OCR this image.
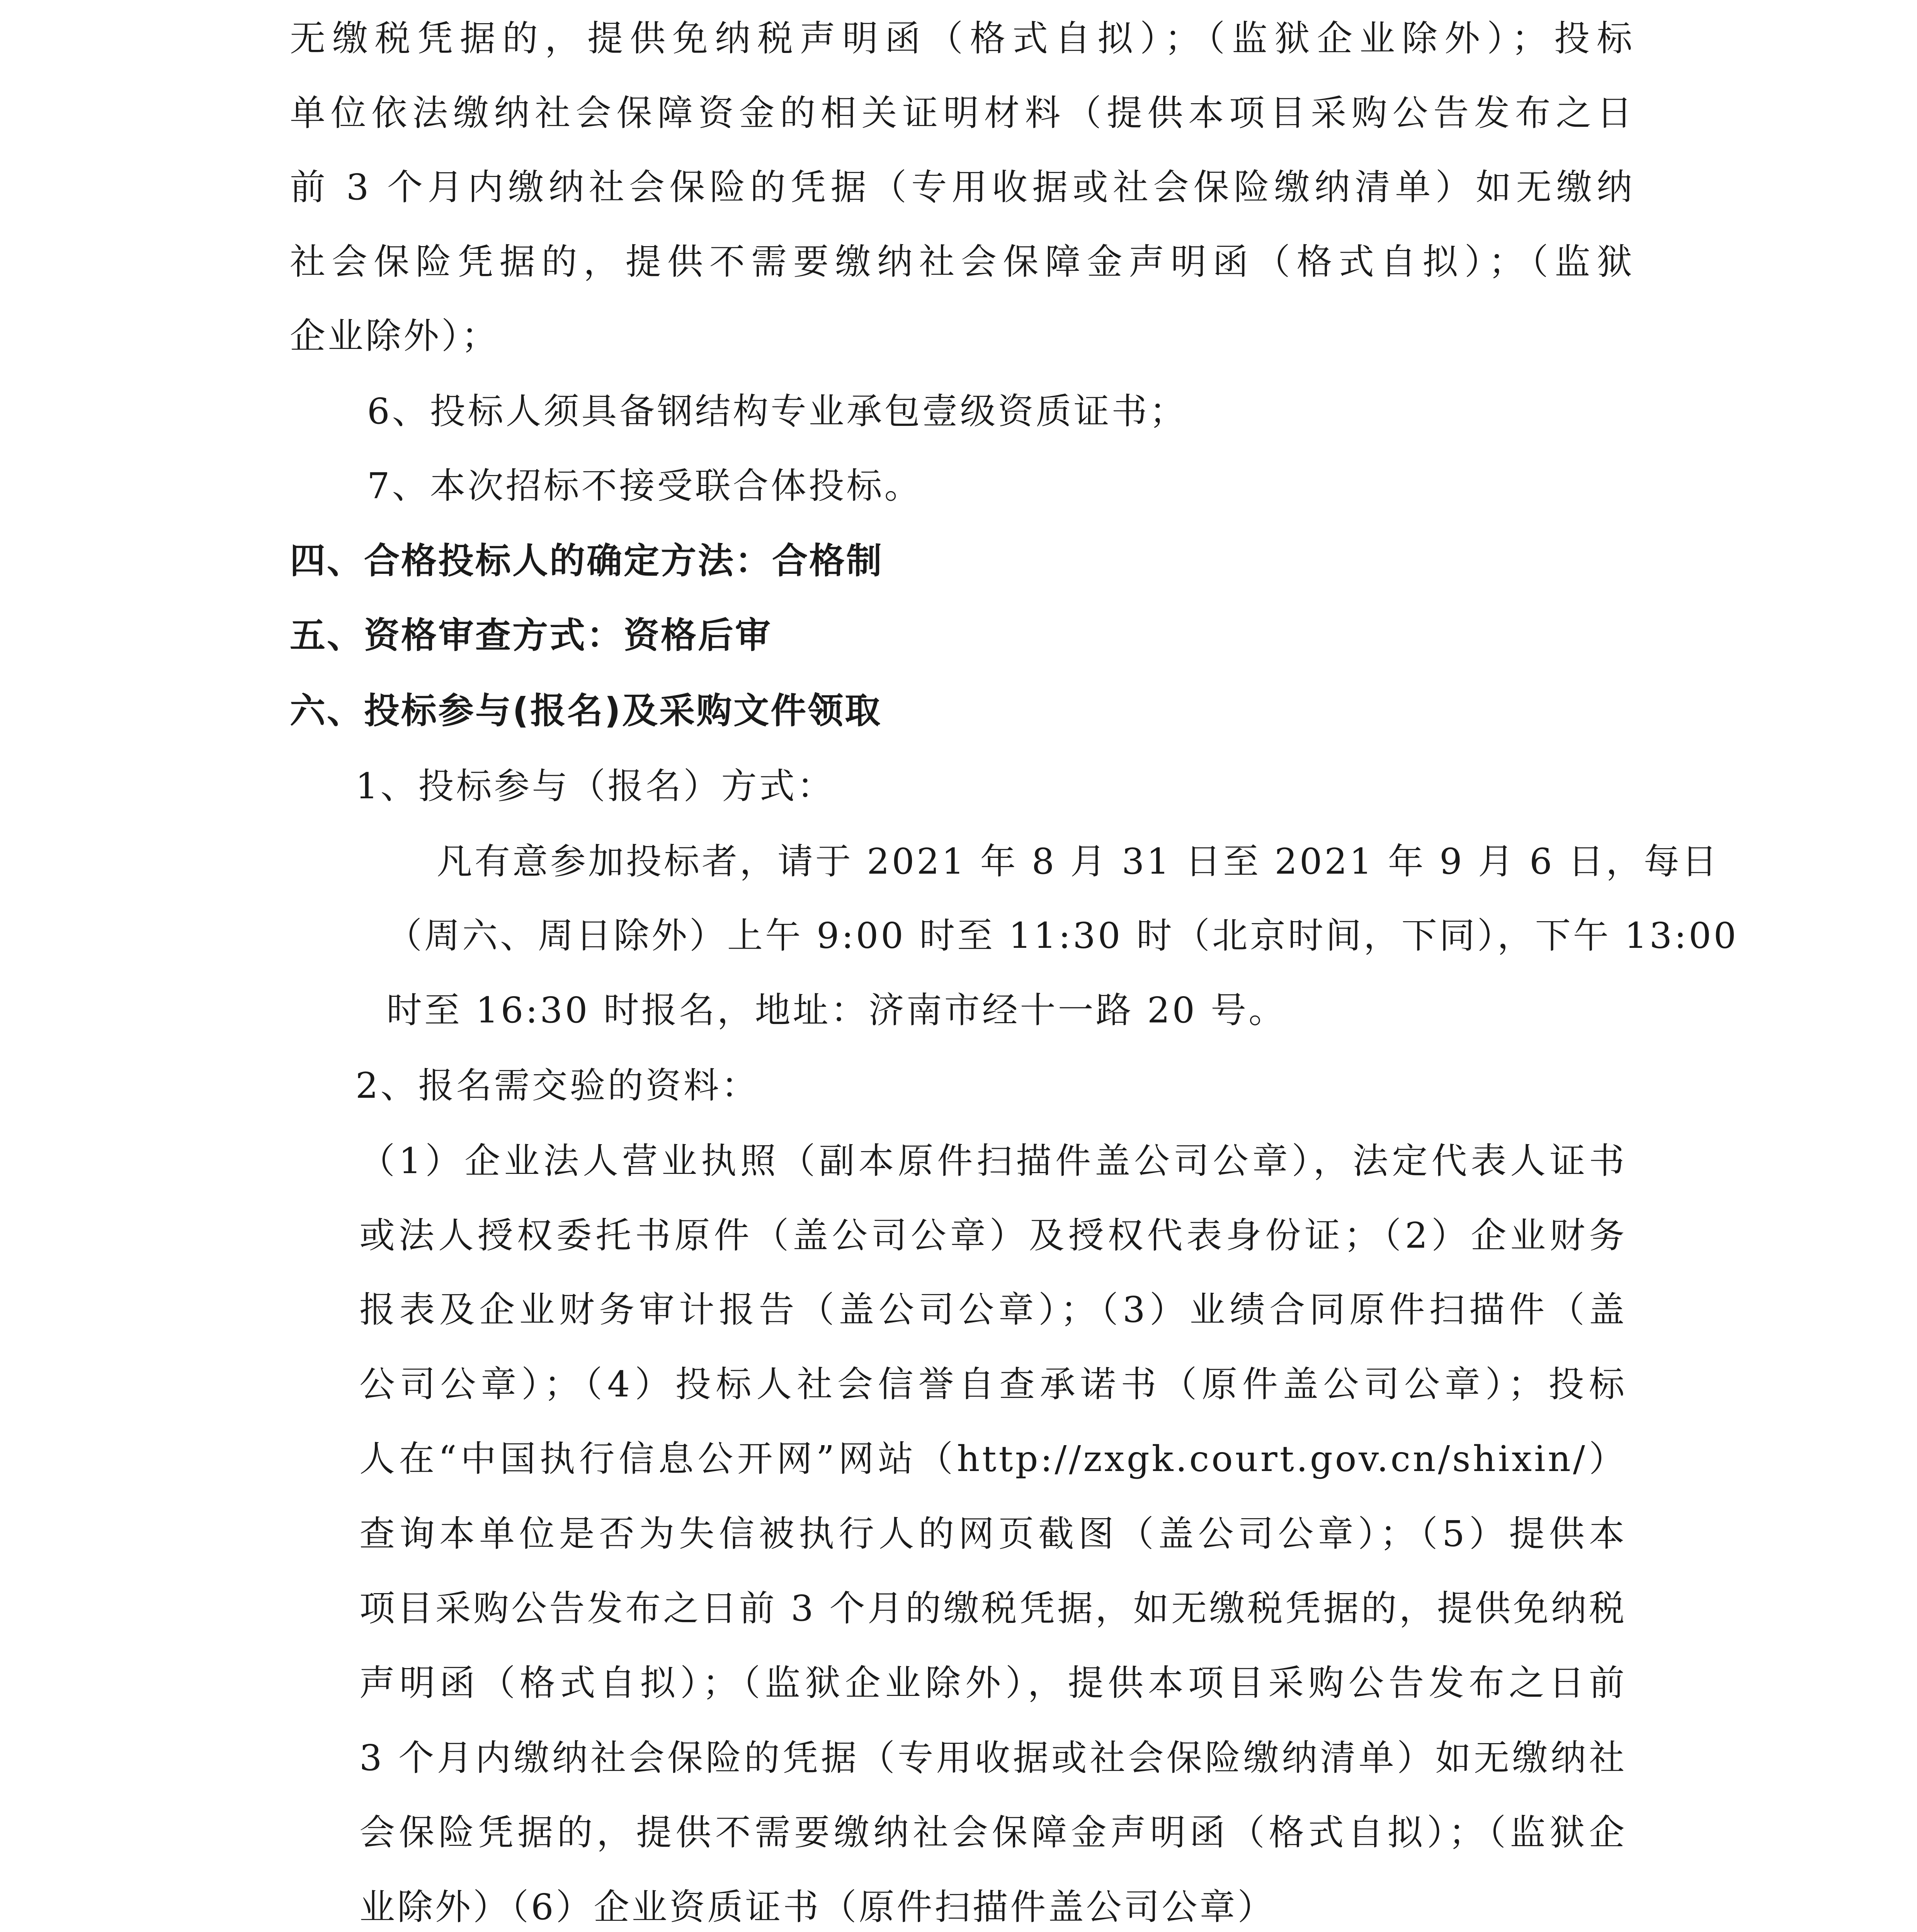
无缴税凭据的，提供免纳税声明函（格式自拟）；（监狱企业除外）；投标
单位依法缴纳社会保障资金的相关证明材料（提供本项目采购公告发布之日
前 3 个月内缴纳社会保险的凭据（专用收据或社会保险缴纳清单）如无缴纳
社会保险凭据的，提供不需要缴纳社会保障金声明函（格式自拟）；（监狱
企业除外）；
6、投标人须具备钢结构专业承包壹级资质证书；
7、本次招标不接受联合体投标。
四、合格投标人的确定方法：合格制
五、资格审查方式：资格后审
六、投标参与(报名)及采购文件领取
1、投标参与（报名）方式：
凡有意参加投标者，请于 2021 年 8 月 31 日至 2021 年 9 月 6 日，每日
（周六、周日除外）上午 9:00 时至 11:30 时（北京时间，下同），下午 13:00
时至 16:30 时报名，地址：济南市经十一路 20 号。
2、报名需交验的资料：
（1）企业法人营业执照（副本原件扫描件盖公司公章），法定代表人证书
或法人授权委托书原件（盖公司公章）及授权代表身份证；（2）企业财务
报表及企业财务审计报告（盖公司公章）；（3）业绩合同原件扫描件（盖
公司公章）；（4）投标人社会信誉自查承诺书（原件盖公司公章）；投标
人在“中国执行信息公开网”网站（http://zxgk.court.gov.cn/shixin/）
查询本单位是否为失信被执行人的网页截图（盖公司公章）；（5）提供本
项目采购公告发布之日前 3 个月的缴税凭据，如无缴税凭据的，提供免纳税
声明函（格式自拟）；（监狱企业除外），提供本项目采购公告发布之日前
3 个月内缴纳社会保险的凭据（专用收据或社会保险缴纳清单）如无缴纳社
会保险凭据的，提供不需要缴纳社会保障金声明函（格式自拟）；（监狱企
业除外）（6）企业资质证书（原件扫描件盖公司公章）
